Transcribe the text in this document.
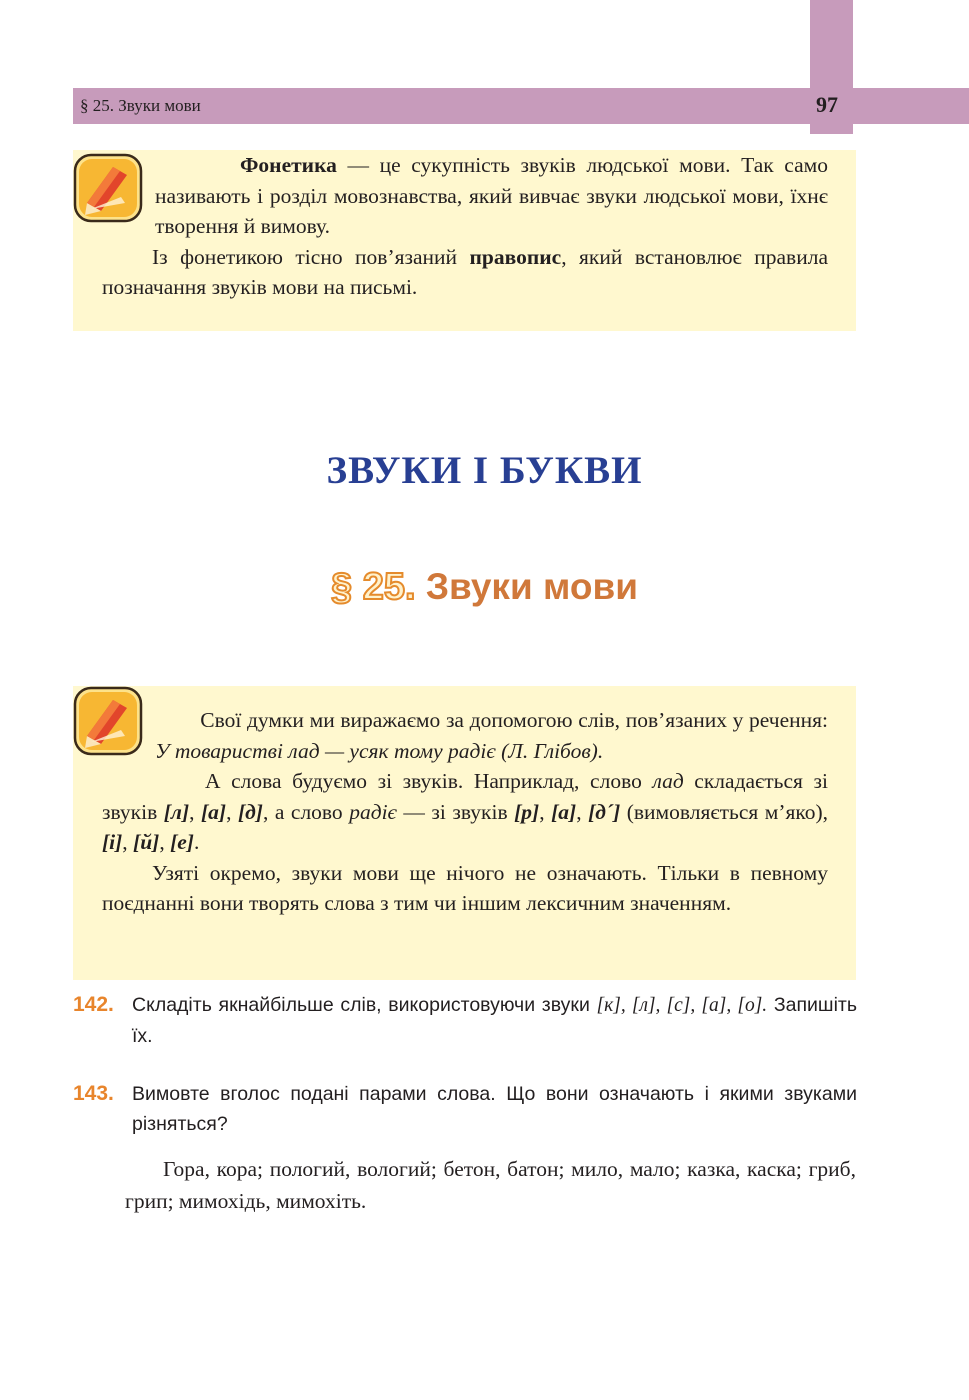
§ 25. Звуки мови	97

Фонетика — це сукупність звуків людської мови. Так само називають і розділ мовознавства, який вивчає звуки людської мови, їхнє творення й вимову.

Із фонетикою тісно пов’язаний правопис, який встановлює правила позначання звуків мови на письмі.

ЗВУКИ І БУКВИ
§ 25. Звуки мови

Свої думки ми виражаємо за допомогою слів, пов’язаних у речення: У товаристві лад — усяк тому радіє (Л. Глібов).

А слова будуємо зі звуків. Наприклад, слово лад складається зі звуків [л], [а], [д], а слово радіє — зі звуків [р], [а], [д´] (вимовляється м’яко), [і], [й], [е].

Узяті окремо, звуки мови ще нічого не означають. Тільки в певному поєднанні вони творять слова з тим чи іншим лексичним значенням.

142. Складіть якнайбільше слів, використовуючи звуки [к], [л], [с], [а], [о]. Запишіть їх.
143. Вимовте вголос подані парами слова. Що вони означають і якими звуками різняться?
Гора, кора; пологий, вологий; бетон, батон; мило, мало; казка, каска; гриб, грип; мимохідь, мимохіть.
